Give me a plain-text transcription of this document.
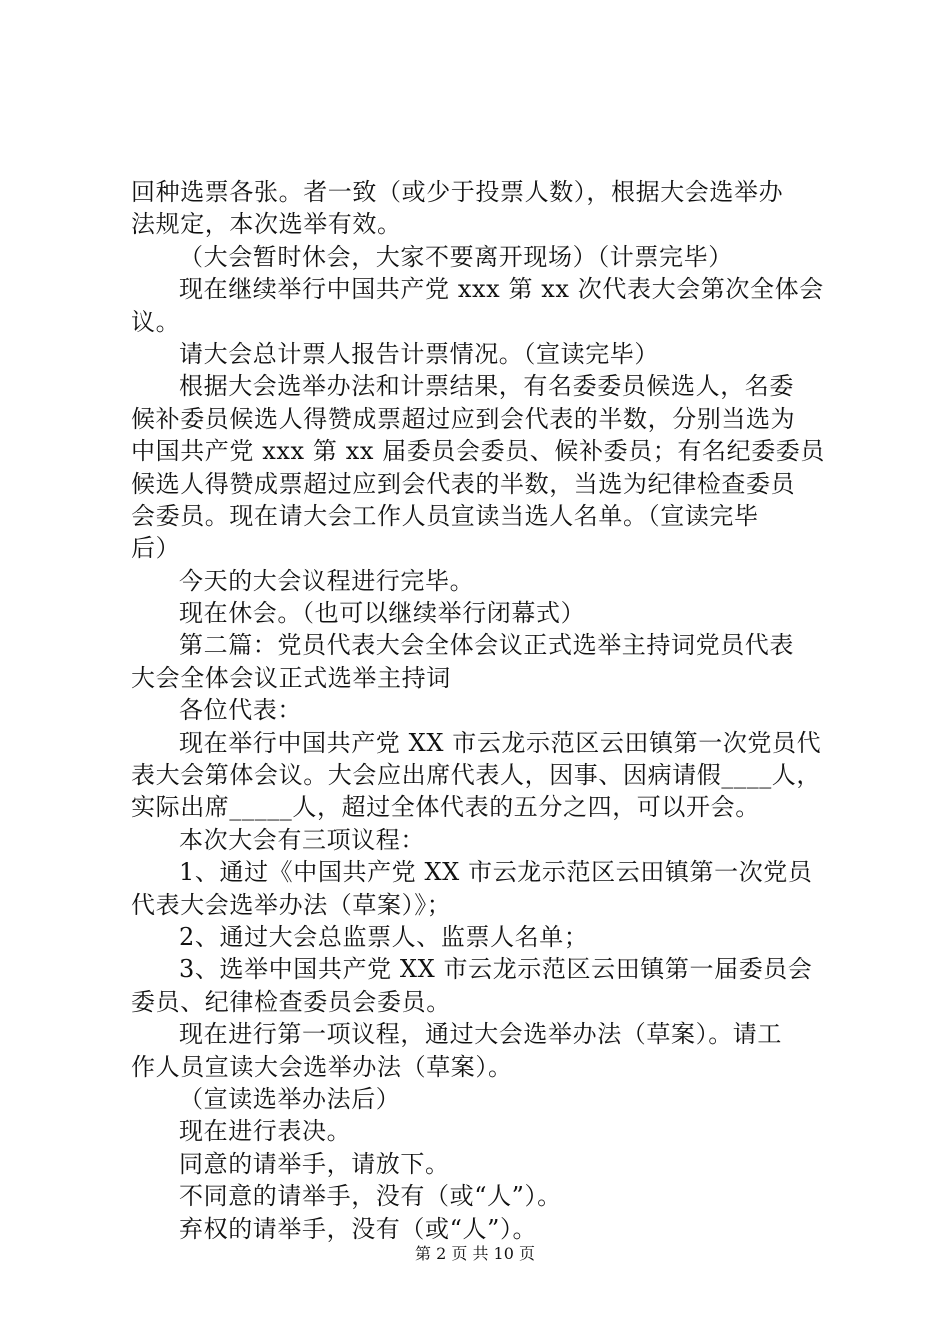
回种选票各张。者一致（或少于投票人数），根据大会选举办
法规定，本次选举有效。
（大会暂时休会，大家不要离开现场）（计票完毕）
现在继续举行中国共产党 xxx 第 xx 次代表大会第次全体会
议。
请大会总计票人报告计票情况。（宣读完毕）
根据大会选举办法和计票结果，有名委委员候选人，名委
候补委员候选人得赞成票超过应到会代表的半数，分别当选为
中国共产党 xxx 第 xx 届委员会委员、候补委员；有名纪委委员
候选人得赞成票超过应到会代表的半数，当选为纪律检查委员
会委员。现在请大会工作人员宣读当选人名单。（宣读完毕
后）
今天的大会议程进行完毕。
现在休会。（也可以继续举行闭幕式）
第二篇：党员代表大会全体会议正式选举主持词党员代表
大会全体会议正式选举主持词
各位代表：
现在举行中国共产党 XX 市云龙示范区云田镇第一次党员代
表大会第体会议。大会应出席代表人，因事、因病请假____人，
实际出席_____人，超过全体代表的五分之四，可以开会。
本次大会有三项议程：
1、通过《中国共产党 XX 市云龙示范区云田镇第一次党员
代表大会选举办法（草案）》；
2、通过大会总监票人、监票人名单；
3、选举中国共产党 XX 市云龙示范区云田镇第一届委员会
委员、纪律检查委员会委员。
现在进行第一项议程，通过大会选举办法（草案）。请工
作人员宣读大会选举办法（草案）。
（宣读选举办法后）
现在进行表决。
同意的请举手，请放下。
不同意的请举手，没有（或“人”）。
弃权的请举手，没有（或“人”）。
第 2 页 共 10 页
